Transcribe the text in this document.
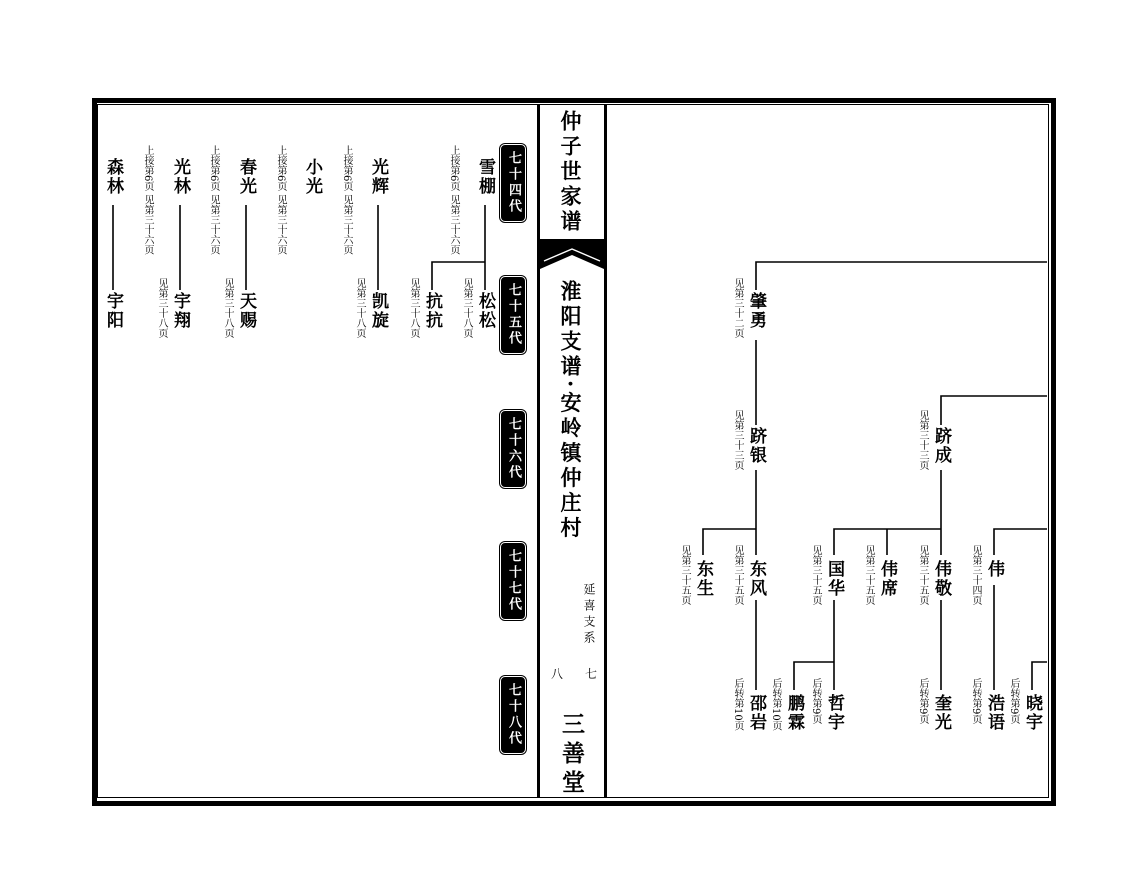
仲子世家谱
淮阳支谱·安岭镇仲庄村
延喜支系
七
八
三善堂
七十四代
七十五代
七十六代
七十七代
七十八代
雪棚
上接第6页 见第三十六页
光辉
上接第6页 见第三十六页
小光
上接第6页 见第三十六页
春光
上接第6页 见第三十六页
光林
上接第6页 见第三十六页
森林
松松
见第三十八页
抗抗
见第三十八页
凯旋
见第三十八页
天赐
见第三十八页
宇翔
见第三十八页
宇阳	肇勇
见第三十二页
跻银
见第三十三页	跻成
见第三十三页
东生
见第三十五页	东风
见第三十五页	国华
见第三十五页	伟席
见第三十五页	伟敬
见第三十五页	伟
见第三十四页
邵岩
后转第10页 鹏霖
后转第10页	哲宇
后转第9页	奎光
后转第9页	浩语
后转第9页 晓宇
后转第9页
